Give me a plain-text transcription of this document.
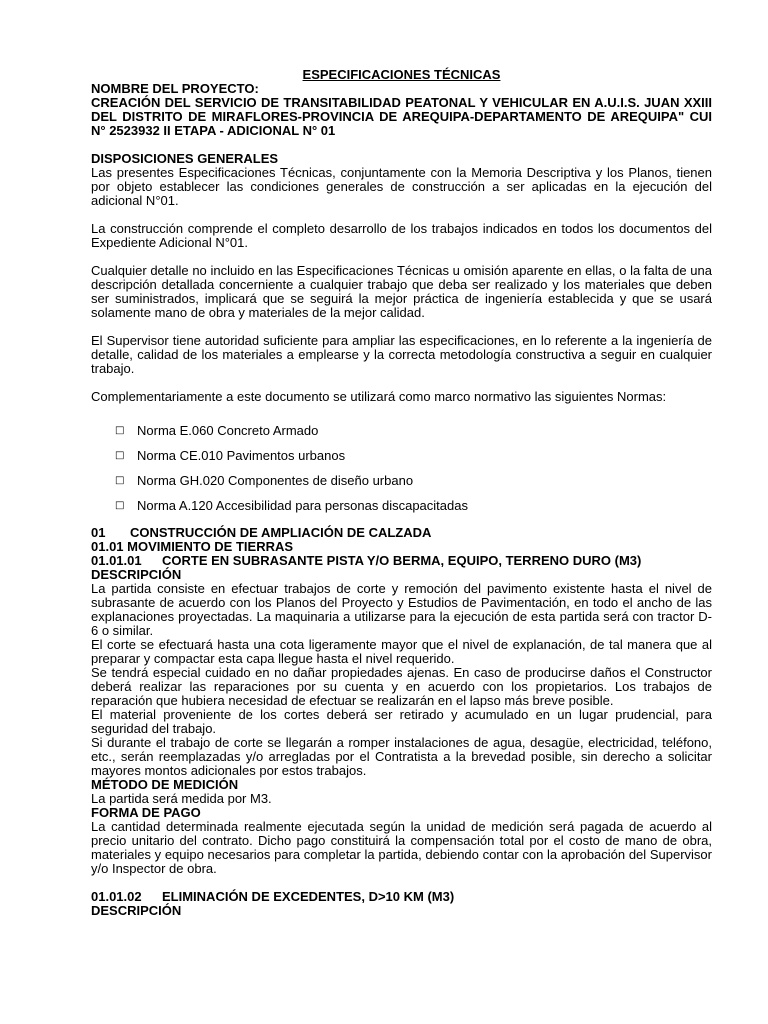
ESPECIFICACIONES TÉCNICAS

NOMBRE DEL PROYECTO:

CREACIÓN DEL SERVICIO DE TRANSITABILIDAD PEATONAL Y VEHICULAR EN A.U.I.S. JUAN XXIII DEL DISTRITO DE MIRAFLORES-PROVINCIA DE AREQUIPA-DEPARTAMENTO DE AREQUIPA" CUI N° 2523932 II ETAPA - ADICIONAL N° 01

DISPOSICIONES GENERALES

Las presentes Especificaciones Técnicas, conjuntamente con la Memoria Descriptiva y los Planos, tienen por objeto establecer las condiciones generales de construcción a ser aplicadas en la ejecución del adicional N°01.

La construcción comprende el completo desarrollo de los trabajos indicados en todos los documentos del Expediente Adicional N°01.

Cualquier detalle no incluido en las Especificaciones Técnicas u omisión aparente en ellas, o la falta de una descripción detallada concerniente a cualquier trabajo que deba ser realizado y los materiales que deben ser suministrados, implicará que se seguirá la mejor práctica de ingeniería establecida y que se usará solamente mano de obra y materiales de la mejor calidad.

El Supervisor tiene autoridad suficiente para ampliar las especificaciones, en lo referente a la ingeniería de detalle, calidad de los materiales a emplearse y la correcta metodología constructiva a seguir en cualquier trabajo.

Complementariamente a este documento se utilizará como marco normativo las siguientes Normas:

□ Norma E.060 Concreto Armado
□ Norma CE.010 Pavimentos urbanos
□ Norma GH.020 Componentes de diseño urbano
□ Norma A.120 Accesibilidad para personas discapacitadas

01 CONSTRUCCIÓN DE AMPLIACIÓN DE CALZADA

01.01 MOVIMIENTO DE TIERRAS

01.01.01 CORTE EN SUBRASANTE PISTA Y/O BERMA, EQUIPO, TERRENO DURO (M3)

DESCRIPCIÓN

La partida consiste en efectuar trabajos de corte y remoción del pavimento existente hasta el nivel de subrasante de acuerdo con los Planos del Proyecto y Estudios de Pavimentación, en todo el ancho de las explanaciones proyectadas. La maquinaria a utilizarse para la ejecución de esta partida será con tractor D-6 o similar.

El corte se efectuará hasta una cota ligeramente mayor que el nivel de explanación, de tal manera que al preparar y compactar esta capa llegue hasta el nivel requerido.

Se tendrá especial cuidado en no dañar propiedades ajenas. En caso de producirse daños el Constructor deberá realizar las reparaciones por su cuenta y en acuerdo con los propietarios. Los trabajos de reparación que hubiera necesidad de efectuar se realizarán en el lapso más breve posible.

El material proveniente de los cortes deberá ser retirado y acumulado en un lugar prudencial, para seguridad del trabajo.

Si durante el trabajo de corte se llegarán a romper instalaciones de agua, desagüe, electricidad, teléfono, etc., serán reemplazadas y/o arregladas por el Contratista a la brevedad posible, sin derecho a solicitar mayores montos adicionales por estos trabajos.

MÉTODO DE MEDICIÓN

La partida será medida por M3.

FORMA DE PAGO

La cantidad determinada realmente ejecutada según la unidad de medición será pagada de acuerdo al precio unitario del contrato. Dicho pago constituirá la compensación total por el costo de mano de obra, materiales y equipo necesarios para completar la partida, debiendo contar con la aprobación del Supervisor y/o Inspector de obra.

01.01.02 ELIMINACIÓN DE EXCEDENTES, D>10 KM (M3)

DESCRIPCIÓN
